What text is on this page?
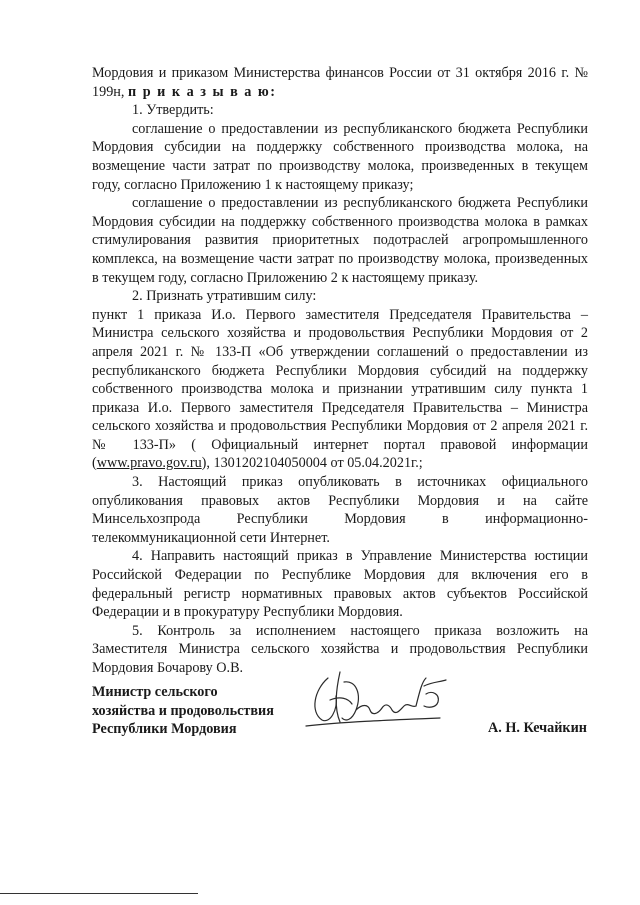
Мордовия и приказом Министерства финансов России от 31 октября 2016 г. № 199н, п р и к а з ы в а ю:

1. Утвердить:

соглашение о предоставлении из республиканского бюджета Республики Мордовия субсидии на поддержку собственного производства молока, на возмещение части затрат по производству молока, произведенных в текущем году, согласно Приложению 1 к настоящему приказу;

соглашение о предоставлении из республиканского бюджета Республики Мордовия субсидии на поддержку собственного производства молока в рамках стимулирования развития приоритетных подотраслей агропромышленного комплекса, на возмещение части затрат по производству молока, произведенных в текущем году, согласно Приложению 2 к настоящему приказу.

2. Признать утратившим силу:

пункт 1 приказа И.о. Первого заместителя Председателя Правительства – Министра сельского хозяйства и продовольствия Республики Мордовия от 2 апреля 2021 г. № 133-П «Об утверждении соглашений о предоставлении из республиканского бюджета Республики Мордовия субсидий на поддержку собственного производства молока и признании утратившим силу пункта 1 приказа И.о. Первого заместителя Председателя Правительства – Министра сельского хозяйства и продовольствия Республики Мордовия от 2 апреля 2021 г. № 133-П» ( Официальный интернет портал правовой информации (www.pravo.gov.ru), 1301202104050004 от 05.04.2021г.;

3. Настоящий приказ опубликовать в источниках официального опубликования правовых актов Республики Мордовия и на сайте Минсельхозпрода Республики Мордовия в информационно-телекоммуникационной сети Интернет.

4. Направить настоящий приказ в Управление Министерства юстиции Российской Федерации по Республике Мордовия для включения его в федеральный регистр нормативных правовых актов субъектов Российской Федерации и в прокуратуру Республики Мордовия.

5. Контроль за исполнением настоящего приказа возложить на Заместителя Министра сельского хозяйства и продовольствия Республики Мордовия Бочарову О.В.

Министр сельского
хозяйства и продовольствия
Республики Мордовия	А. Н. Кечайкин
